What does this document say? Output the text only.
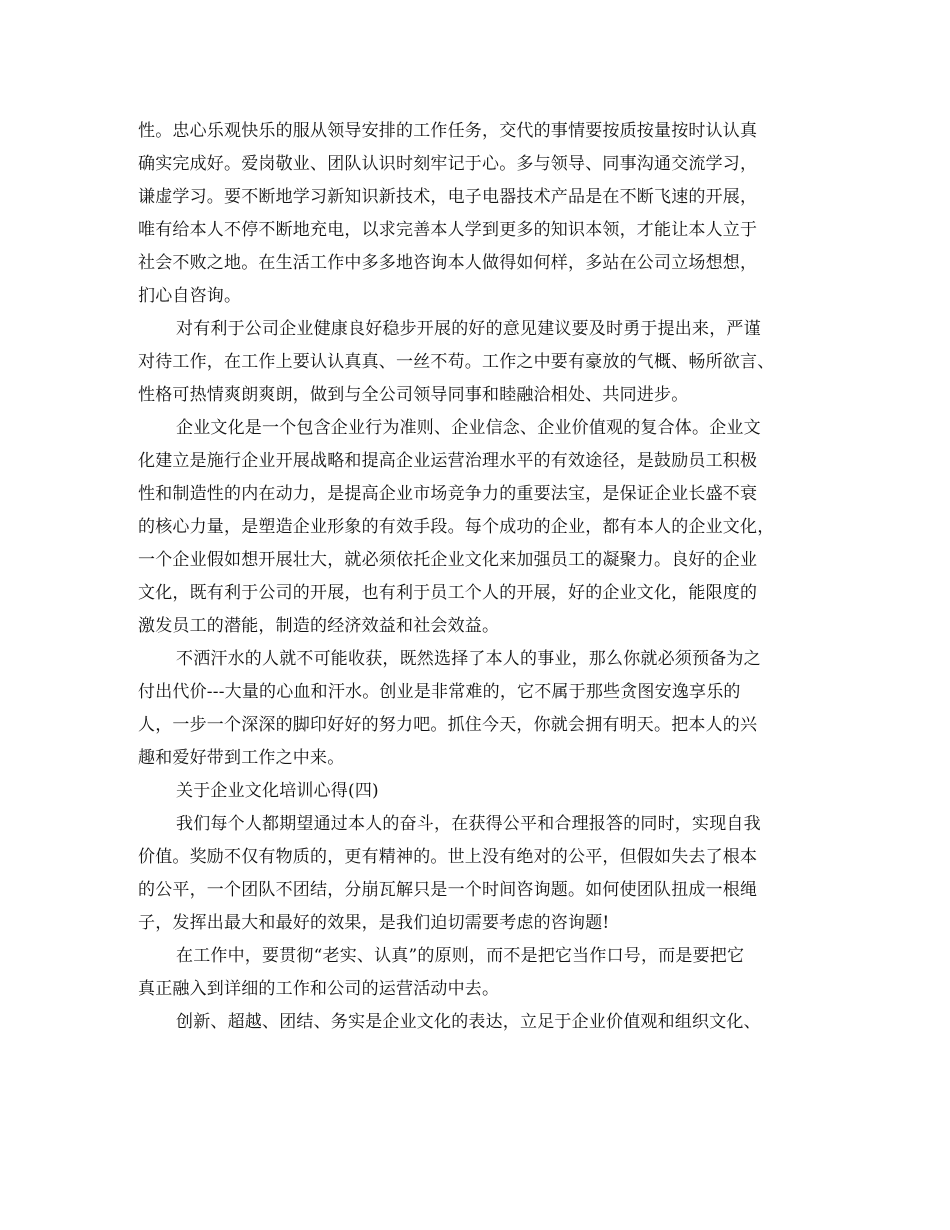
性。忠心乐观快乐的服从领导安排的工作任务，交代的事情要按质按量按时认认真
确实完成好。爱岗敬业、团队认识时刻牢记于心。多与领导、同事沟通交流学习，
谦虚学习。要不断地学习新知识新技术，电子电器技术产品是在不断飞速的开展，
唯有给本人不停不断地充电，以求完善本人学到更多的知识本领，才能让本人立于
社会不败之地。在生活工作中多多地咨询本人做得如何样，多站在公司立场想想，
扪心自咨询。
对有利于公司企业健康良好稳步开展的好的意见建议要及时勇于提出来，严谨
对待工作，在工作上要认认真真、一丝不苟。工作之中要有豪放的气概、畅所欲言、
性格可热情爽朗爽朗，做到与全公司领导同事和睦融洽相处、共同进步。
企业文化是一个包含企业行为准则、企业信念、企业价值观的复合体。企业文
化建立是施行企业开展战略和提高企业运营治理水平的有效途径，是鼓励员工积极
性和制造性的内在动力，是提高企业市场竞争力的重要法宝，是保证企业长盛不衰
的核心力量，是塑造企业形象的有效手段。每个成功的企业，都有本人的企业文化，
一个企业假如想开展壮大，就必须依托企业文化来加强员工的凝聚力。良好的企业
文化，既有利于公司的开展，也有利于员工个人的开展，好的企业文化，能限度的
激发员工的潜能，制造的经济效益和社会效益。
不洒汗水的人就不可能收获，既然选择了本人的事业，那么你就必须预备为之
付出代价---大量的心血和汗水。创业是非常难的，它不属于那些贪图安逸享乐的
人，一步一个深深的脚印好好的努力吧。抓住今天，你就会拥有明天。把本人的兴
趣和爱好带到工作之中来。
关于企业文化培训心得(四)
我们每个人都期望通过本人的奋斗，在获得公平和合理报答的同时，实现自我
价值。奖励不仅有物质的，更有精神的。世上没有绝对的公平，但假如失去了根本
的公平，一个团队不团结，分崩瓦解只是一个时间咨询题。如何使团队扭成一根绳
子，发挥出最大和最好的效果，是我们迫切需要考虑的咨询题!
在工作中，要贯彻“老实、认真”的原则，而不是把它当作口号，而是要把它
真正融入到详细的工作和公司的运营活动中去。
创新、超越、团结、务实是企业文化的表达，立足于企业价值观和组织文化、
